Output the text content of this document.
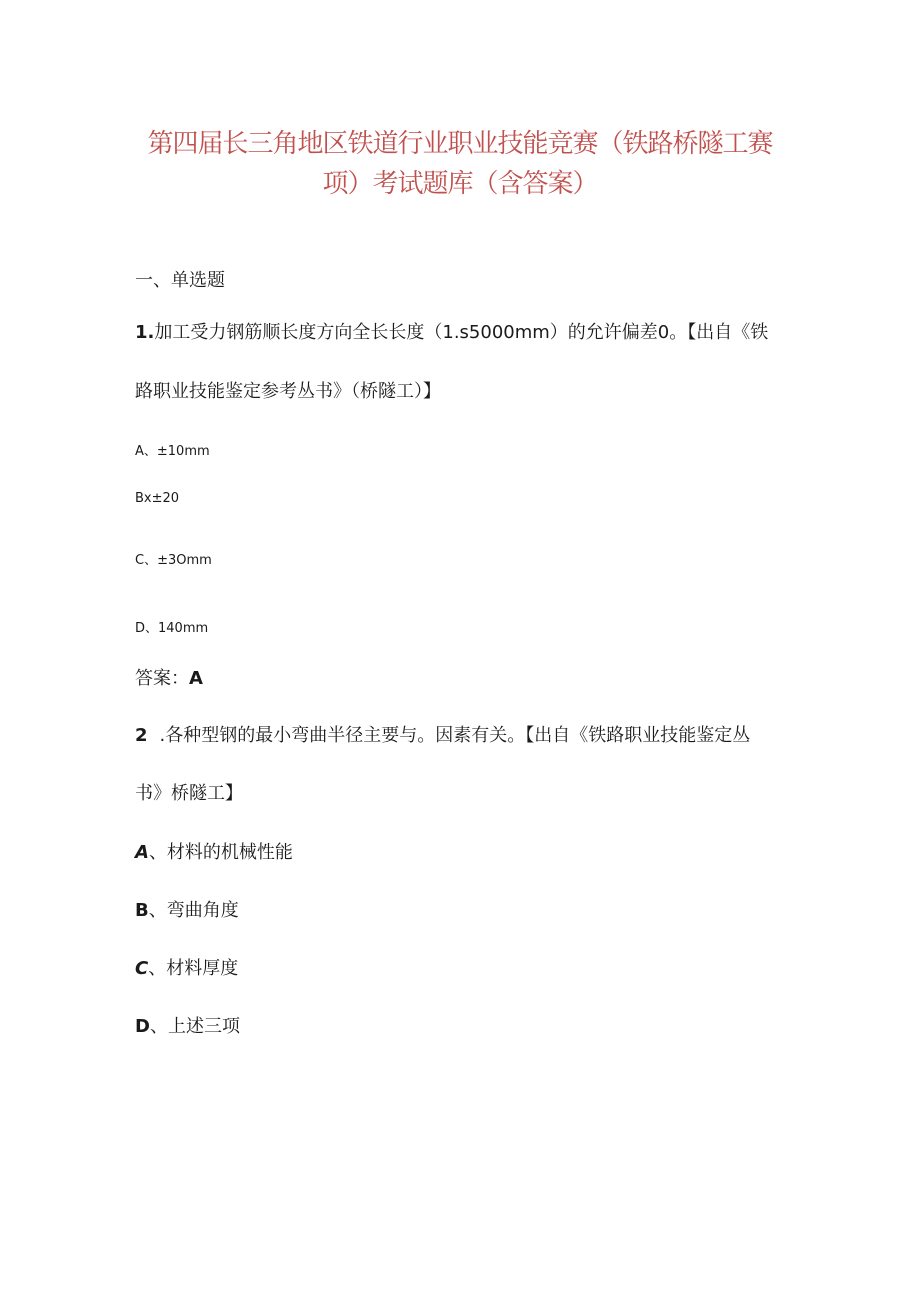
第四届长三角地区铁道行业职业技能竞赛（铁路桥隧工赛
项）考试题库（含答案）
一、单选题
1.加工受力钢筋顺长度方向全长长度（1.s5000mm）的允许偏差0。【出自《铁
路职业技能鉴定参考丛书》（桥隧工）】
A、±10mm
Bx±20
C、±3Omm
D、140mm
答案：A
2 .各种型钢的最小弯曲半径主要与。因素有关。【出自《铁路职业技能鉴定丛
书》桥隧工】
A、材料的机械性能
B、弯曲角度
C、材料厚度
D、上述三项
